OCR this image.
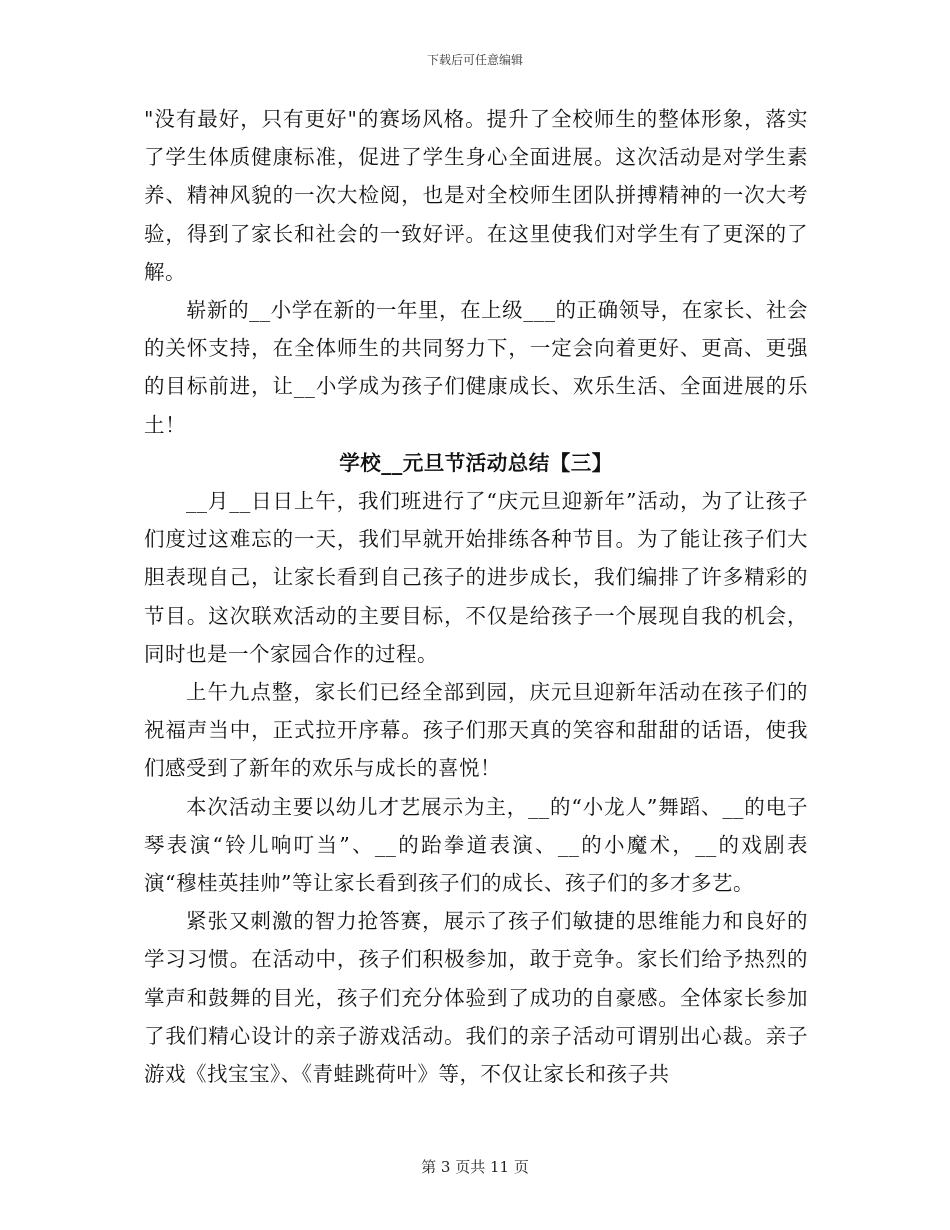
下载后可任意编辑

"没有最好，只有更好"的赛场风格。提升了全校师生的整体形象，落实了学生体质健康标准，促进了学生身心全面进展。这次活动是对学生素养、精神风貌的一次大检阅，也是对全校师生团队拼搏精神的一次大考验，得到了家长和社会的一致好评。在这里使我们对学生有了更深的了解。

崭新的__小学在新的一年里，在上级___的正确领导，在家长、社会的关怀支持，在全体师生的共同努力下，一定会向着更好、更高、更强的目标前进，让__小学成为孩子们健康成长、欢乐生活、全面进展的乐土！

学校__元旦节活动总结【三】

__月__日日上午，我们班进行了“庆元旦迎新年”活动，为了让孩子们度过这难忘的一天，我们早就开始排练各种节目。为了能让孩子们大胆表现自己，让家长看到自己孩子的进步成长，我们编排了许多精彩的节目。这次联欢活动的主要目标，不仅是给孩子一个展现自我的机会，同时也是一个家园合作的过程。

上午九点整，家长们已经全部到园，庆元旦迎新年活动在孩子们的祝福声当中，正式拉开序幕。孩子们那天真的笑容和甜甜的话语，使我们感受到了新年的欢乐与成长的喜悦！

本次活动主要以幼儿才艺展示为主，__的“小龙人”舞蹈、__的电子琴表演“铃儿响叮当”、__的跆拳道表演、__的小魔术，__的戏剧表演“穆桂英挂帅”等让家长看到孩子们的成长、孩子们的多才多艺。

紧张又刺激的智力抢答赛，展示了孩子们敏捷的思维能力和良好的学习习惯。在活动中，孩子们积极参加，敢于竞争。家长们给予热烈的掌声和鼓舞的目光，孩子们充分体验到了成功的自豪感。全体家长参加了我们精心设计的亲子游戏活动。我们的亲子活动可谓别出心裁。亲子游戏《找宝宝》、《青蛙跳荷叶》等，不仅让家长和孩子共

第 3 页共 11 页
